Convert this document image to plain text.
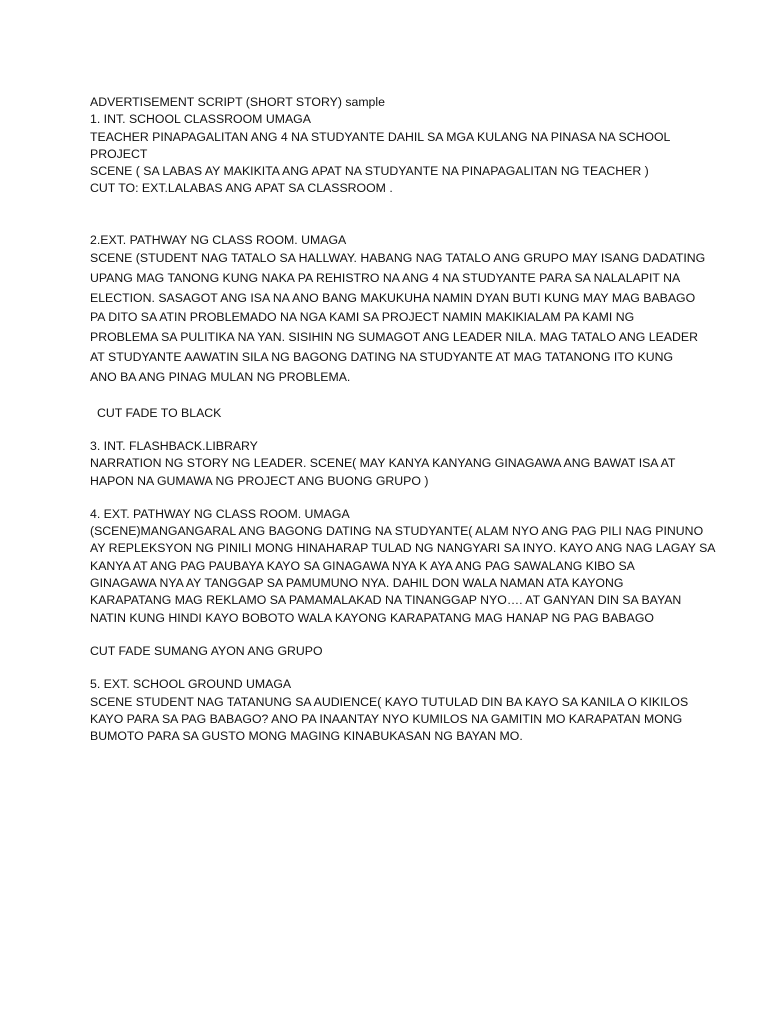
ADVERTISEMENT SCRIPT (SHORT STORY) sample
1. INT. SCHOOL CLASSROOM UMAGA
TEACHER PINAPAGALITAN ANG 4 NA STUDYANTE DAHIL SA MGA KULANG NA PINASA NA SCHOOL
PROJECT
SCENE ( SA LABAS AY MAKIKITA ANG APAT NA STUDYANTE NA PINAPAGALITAN NG TEACHER )
CUT TO: EXT.LALABAS ANG APAT SA CLASSROOM .
2.EXT. PATHWAY NG CLASS ROOM. UMAGA
SCENE (STUDENT NAG TATALO SA HALLWAY. HABANG NAG TATALO ANG GRUPO MAY ISANG DADATING
UPANG MAG TANONG KUNG NAKA PA REHISTRO NA ANG 4 NA STUDYANTE PARA SA NALALAPIT NA
ELECTION. SASAGOT ANG ISA NA ANO BANG MAKUKUHA NAMIN DYAN BUTI KUNG MAY MAG BABAGO
PA DITO SA ATIN PROBLEMADO NA NGA KAMI SA PROJECT NAMIN MAKIKIALAM PA KAMI NG
PROBLEMA SA PULITIKA NA YAN. SISIHIN NG SUMAGOT ANG LEADER NILA. MAG TATALO ANG LEADER
AT STUDYANTE AAWATIN SILA NG BAGONG DATING NA STUDYANTE AT MAG TATANONG ITO KUNG
ANO BA ANG PINAG MULAN NG PROBLEMA.
CUT FADE TO BLACK
3. INT. FLASHBACK.LIBRARY
NARRATION NG STORY NG LEADER. SCENE( MAY KANYA KANYANG GINAGAWA ANG BAWAT ISA AT
HAPON NA GUMAWA NG PROJECT ANG BUONG GRUPO )
4. EXT. PATHWAY NG CLASS ROOM. UMAGA
(SCENE)MANGANGARAL ANG BAGONG DATING NA STUDYANTE( ALAM NYO ANG PAG PILI NAG PINUNO
AY REPLEKSYON NG PINILI MONG HINAHARAP TULAD NG NANGYARI SA INYO. KAYO ANG NAG LAGAY SA
KANYA AT ANG PAG PAUBAYA KAYO SA GINAGAWA NYA K AYA ANG PAG SAWALANG KIBO SA
GINAGAWA NYA AY TANGGAP SA PAMUMUNO NYA. DAHIL DON WALA NAMAN ATA KAYONG
KARAPATANG MAG REKLAMO SA PAMAMALAKAD NA TINANGGAP NYO…. AT GANYAN DIN SA BAYAN
NATIN KUNG HINDI KAYO BOBOTO WALA KAYONG KARAPATANG MAG HANAP NG PAG BABAGO
CUT FADE SUMANG AYON ANG GRUPO
5. EXT. SCHOOL GROUND UMAGA
SCENE STUDENT NAG TATANUNG SA AUDIENCE( KAYO TUTULAD DIN BA KAYO SA KANILA O KIKILOS
KAYO PARA SA PAG BABAGO? ANO PA INAANTAY NYO KUMILOS NA GAMITIN MO KARAPATAN MONG
BUMOTO PARA SA GUSTO MONG MAGING KINABUKASAN NG BAYAN MO.
